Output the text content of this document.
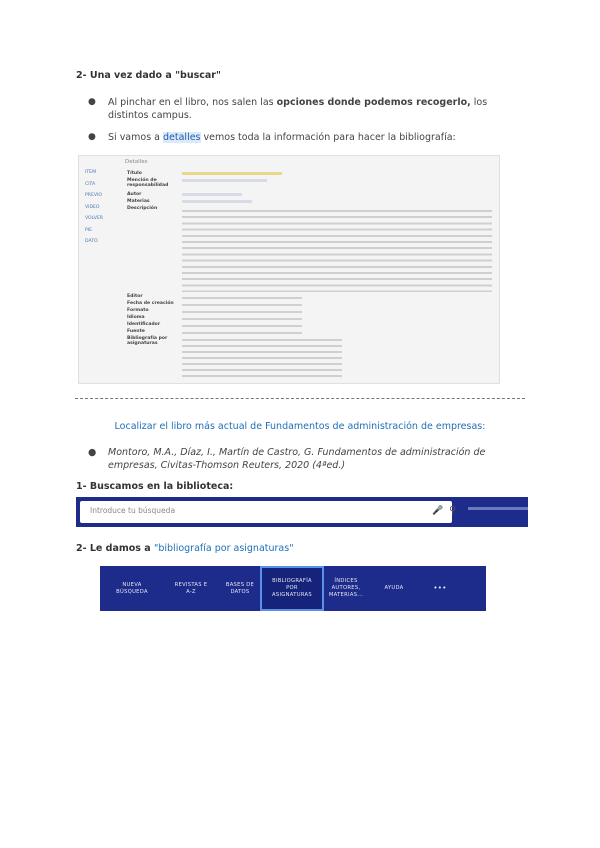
2- Una vez dado a "buscar"
● Al pinchar en el libro, nos salen las opciones donde podemos recogerlo, los distintos campus.
● Si vamos a detalles vemos toda la información para hacer la bibliografía:
Detalles
ITEM
CITA
PREVIO
VIDEO
VOLVER
PIE
DATO
Título
Mención de responsabilidad
Autor
Materias
Descripción
Editor
Fecha de creación
Formato
Idioma
Identificador
Fuente
Bibliografía por asignaturas
Localizar el libro más actual de Fundamentos de administración de empresas:
● Montoro, M.A., Díaz, I., Martín de Castro, G. Fundamentos de administración de empresas, Civitas-Thomson Reuters, 2020 (4ªed.)
1- Buscamos en la biblioteca:
Introduce tu búsqueda	🎤 ⚲
2- Le damos a "bibliografía por asignaturas"
NUEVA
BÚSQUEDA
REVISTAS E
A-Z
BASES DE
DATOS
BIBLIOGRAFÍA
POR
ASIGNATURAS
ÍNDICES
AUTORES,
MATERIAS...
AYUDA	•••
